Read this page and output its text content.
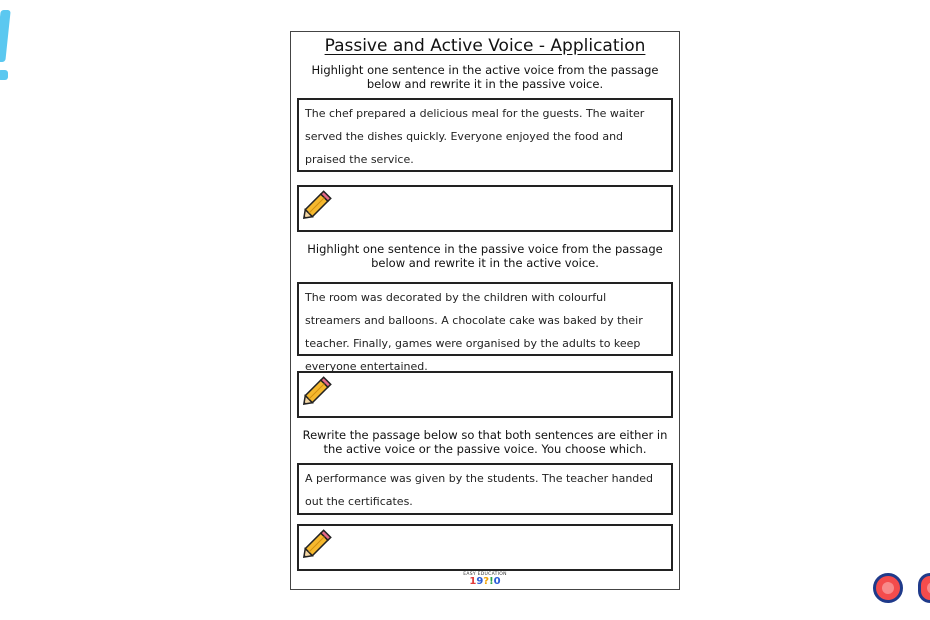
Passive and Active Voice - Application
Highlight one sentence in the active voice from the passage below and rewrite it in the passive voice.
The chef prepared a delicious meal for the guests. The waiter served the dishes quickly. Everyone enjoyed the food and praised the service.
Highlight one sentence in the passive voice from the passage below and rewrite it in the active voice.
The room was decorated by the children with colourful streamers and balloons. A chocolate cake was baked by their teacher. Finally, games were organised by the adults to keep everyone entertained.
Rewrite the passage below so that both sentences are either in the active voice or the passive voice. You choose which.
A performance was given by the students. The teacher handed out the certificates.
EASY EDUCATION
19?!0
